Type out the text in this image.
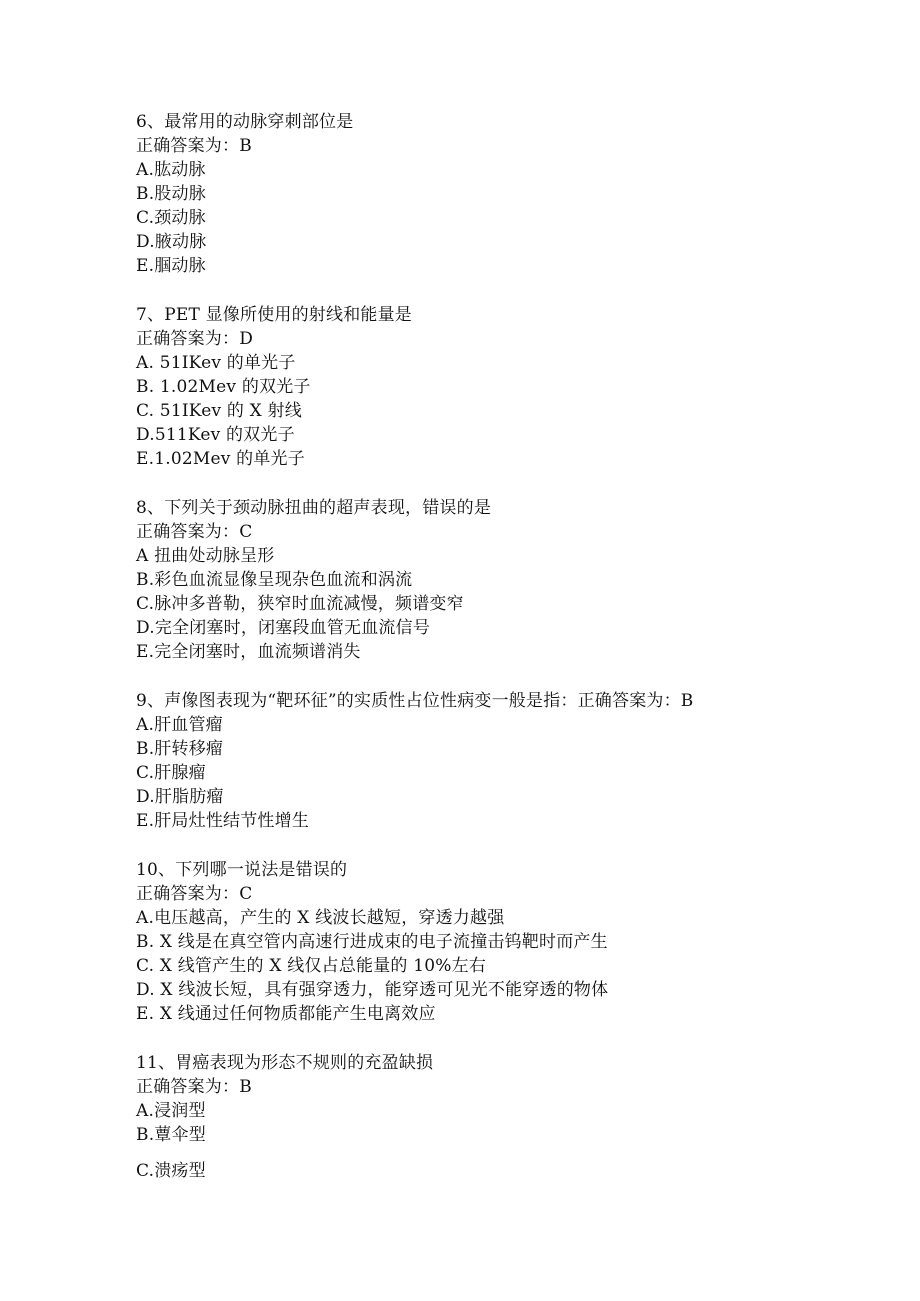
6、最常用的动脉穿刺部位是
正确答案为：B
A.肱动脉
B.股动脉
C.颈动脉
D.腋动脉
E.腘动脉
7、PET 显像所使用的射线和能量是
正确答案为：D
A. 51IKev 的单光子
B. 1.02Mev 的双光子
C. 51IKev 的 X 射线
D.511Kev 的双光子
E.1.02Mev 的单光子
8、下列关于颈动脉扭曲的超声表现，错误的是
正确答案为：C
A 扭曲处动脉呈形
B.彩色血流显像呈现杂色血流和涡流
C.脉冲多普勒，狭窄时血流减慢，频谱变窄
D.完全闭塞时，闭塞段血管无血流信号
E.完全闭塞时，血流频谱消失
9、声像图表现为“靶环征”的实质性占位性病变一般是指：正确答案为：B
A.肝血管瘤
B.肝转移瘤
C.肝腺瘤
D.肝脂肪瘤
E.肝局灶性结节性增生
10、下列哪一说法是错误的
正确答案为：C
A.电压越高，产生的 X 线波长越短，穿透力越强
B. X 线是在真空管内高速行进成束的电子流撞击钨靶时而产生
C. X 线管产生的 X 线仅占总能量的 10%左右
D. X 线波长短，具有强穿透力，能穿透可见光不能穿透的物体
E. X 线通过任何物质都能产生电离效应
11、胃癌表现为形态不规则的充盈缺损
正确答案为：B
A.浸润型
B.蕈伞型
C.溃疡型
